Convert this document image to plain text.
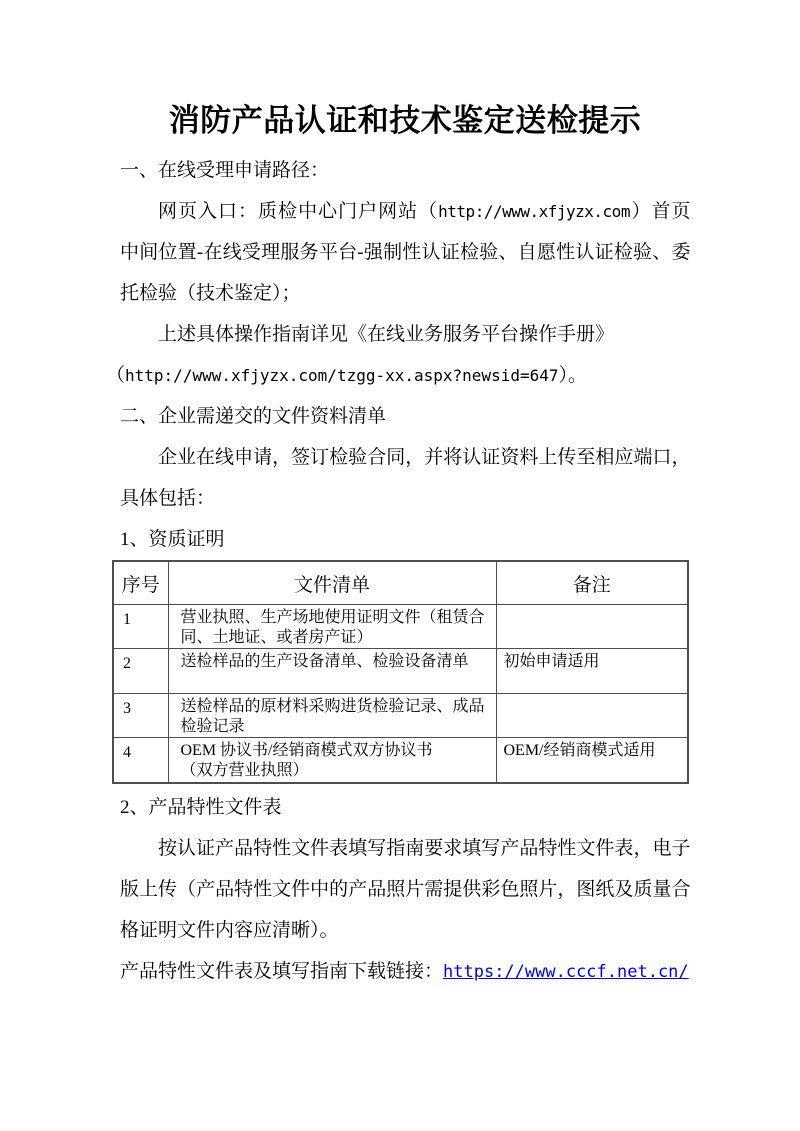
消防产品认证和技术鉴定送检提示
一、在线受理申请路径：
网页入口：质检中心门户网站（http://www.xfjyzx.com）首页
中间位置-在线受理服务平台-强制性认证检验、自愿性认证检验、委
托检验（技术鉴定）；
上述具体操作指南详见《在线业务服务平台操作手册》
（http://www.xfjyzx.com/tzgg-xx.aspx?newsid=647）。
二、企业需递交的文件资料清单
企业在线申请，签订检验合同，并将认证资料上传至相应端口，
具体包括：
1、资质证明
序号	文件清单	备注
1	营业执照、生产场地使用证明文件（租赁合
同、土地证、或者房产证）	

2	送检样品的生产设备清单、检验设备清单	初始申请适用
3	送检样品的原材料采购进货检验记录、成品
检验记录	

4	OEM 协议书/经销商模式双方协议书
（双方营业执照）	OEM/经销商模式适用
2、产品特性文件表
按认证产品特性文件表填写指南要求填写产品特性文件表，电子
版上传（产品特性文件中的产品照片需提供彩色照片，图纸及质量合
格证明文件内容应清晰）。
产品特性文件表及填写指南下载链接：https://www.cccf.net.cn/
